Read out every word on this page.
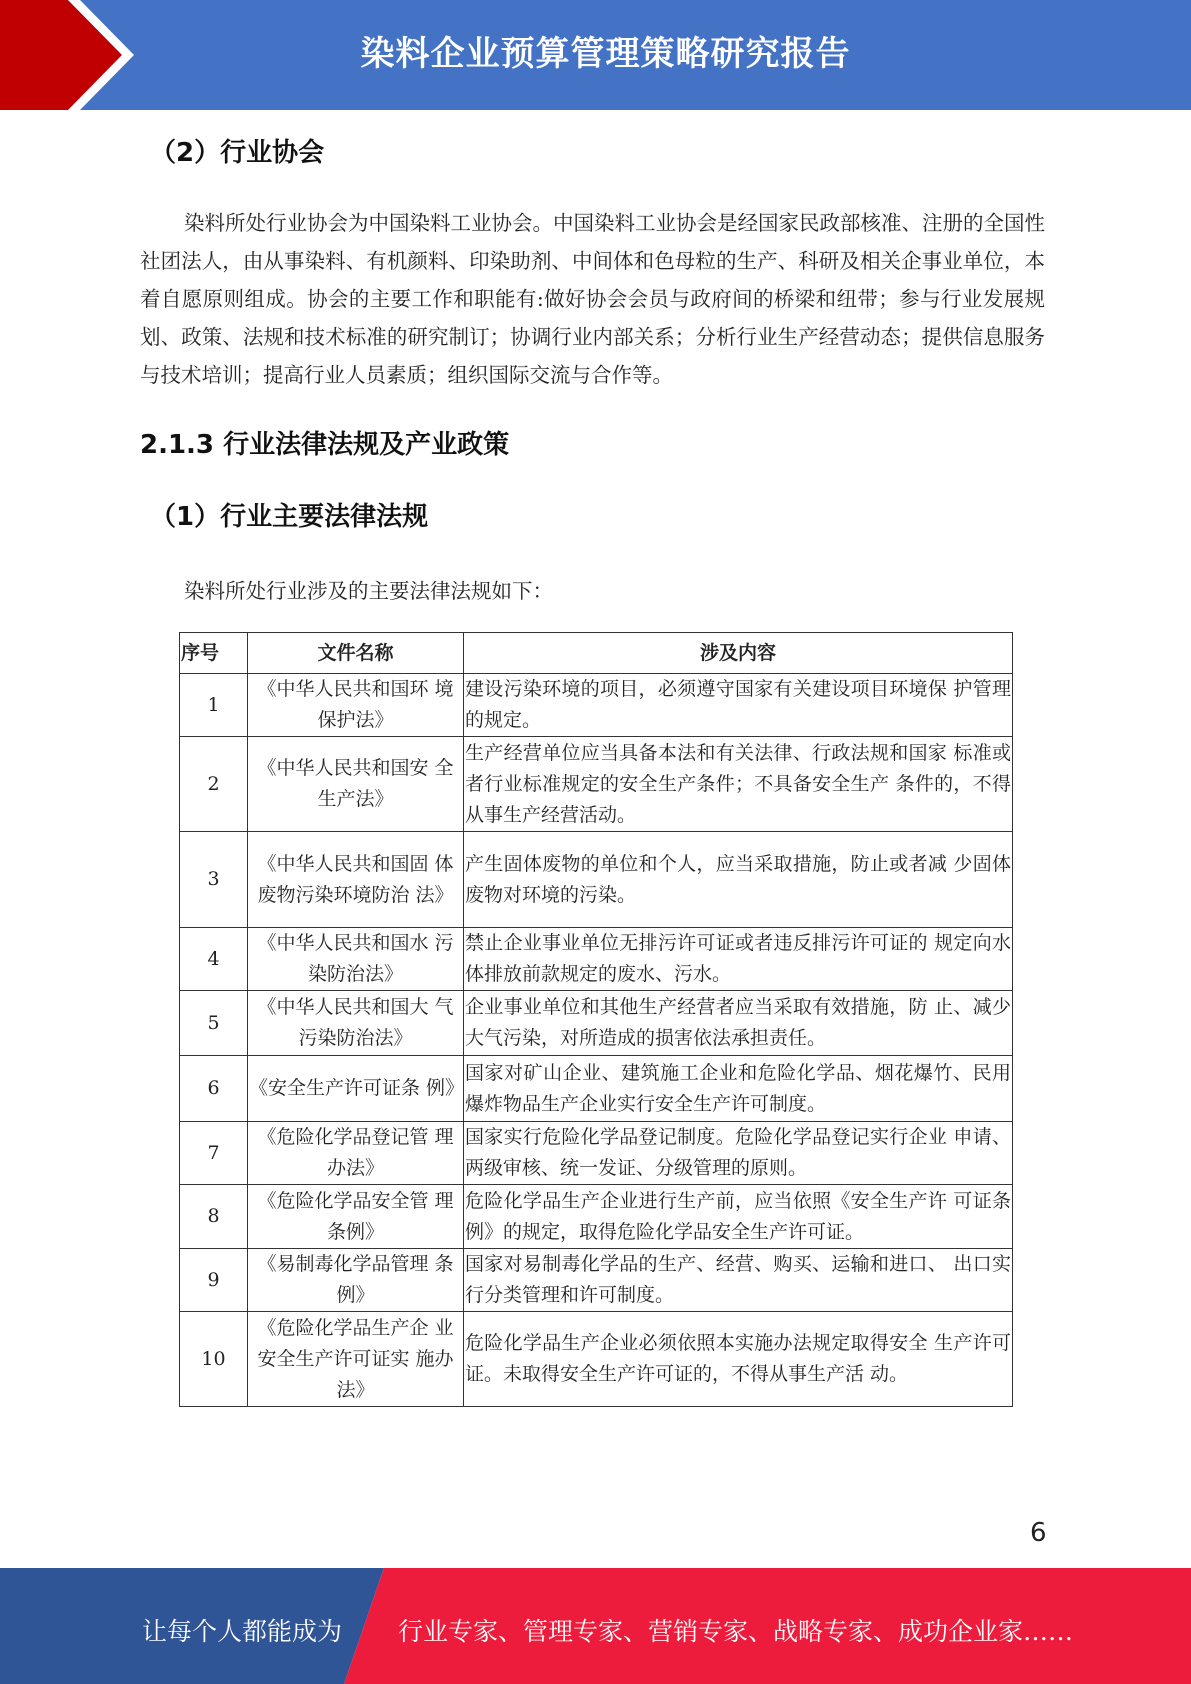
染料企业预算管理策略研究报告
（2）行业协会
染料所处行业协会为中国染料工业协会。中国染料工业协会是经国家民政部核准、注册的全国性社团法人，由从事染料、有机颜料、印染助剂、中间体和色母粒的生产、科研及相关企事业单位，本着自愿原则组成。协会的主要工作和职能有:做好协会会员与政府间的桥梁和纽带；参与行业发展规划、政策、法规和技术标准的研究制订；协调行业内部关系；分析行业生产经营动态；提供信息服务与技术培训；提高行业人员素质；组织国际交流与合作等。
2.1.3 行业法律法规及产业政策
（1）行业主要法律法规
染料所处行业涉及的主要法律法规如下：
序号	文件名称	涉及内容
1	《中华人民共和国环 境保护法》	建设污染环境的项目，必须遵守国家有关建设项目环境保 护管理的规定。
2	《中华人民共和国安 全生产法》	生产经营单位应当具备本法和有关法律、行政法规和国家 标准或者行业标准规定的安全生产条件；不具备安全生产 条件的，不得从事生产经营活动。
3	《中华人民共和国固 体废物污染环境防治 法》	产生固体废物的单位和个人，应当采取措施，防止或者减 少固体废物对环境的污染。
4	《中华人民共和国水 污染防治法》	禁止企业事业单位无排污许可证或者违反排污许可证的 规定向水体排放前款规定的废水、污水。
5	《中华人民共和国大 气污染防治法》	企业事业单位和其他生产经营者应当采取有效措施，防 止、减少大气污染，对所造成的损害依法承担责任。
6	《安全生产许可证条 例》	国家对矿山企业、建筑施工企业和危险化学品、烟花爆竹、民用爆炸物品生产企业实行安全生产许可制度。
7	《危险化学品登记管 理办法》	国家实行危险化学品登记制度。危险化学品登记实行企业 申请、两级审核、统一发证、分级管理的原则。
8	《危险化学品安全管 理条例》	危险化学品生产企业进行生产前，应当依照《安全生产许 可证条例》的规定，取得危险化学品安全生产许可证。
9	《易制毒化学品管理 条例》	国家对易制毒化学品的生产、经营、购买、运输和进口、 出口实行分类管理和许可制度。
10	《危险化学品生产企 业安全生产许可证实 施办法》	危险化学品生产企业必须依照本实施办法规定取得安全 生产许可证。未取得安全生产许可证的，不得从事生产活 动。
6
让每个人都能成为 行业专家、管理专家、营销专家、战略专家、成功企业家……
